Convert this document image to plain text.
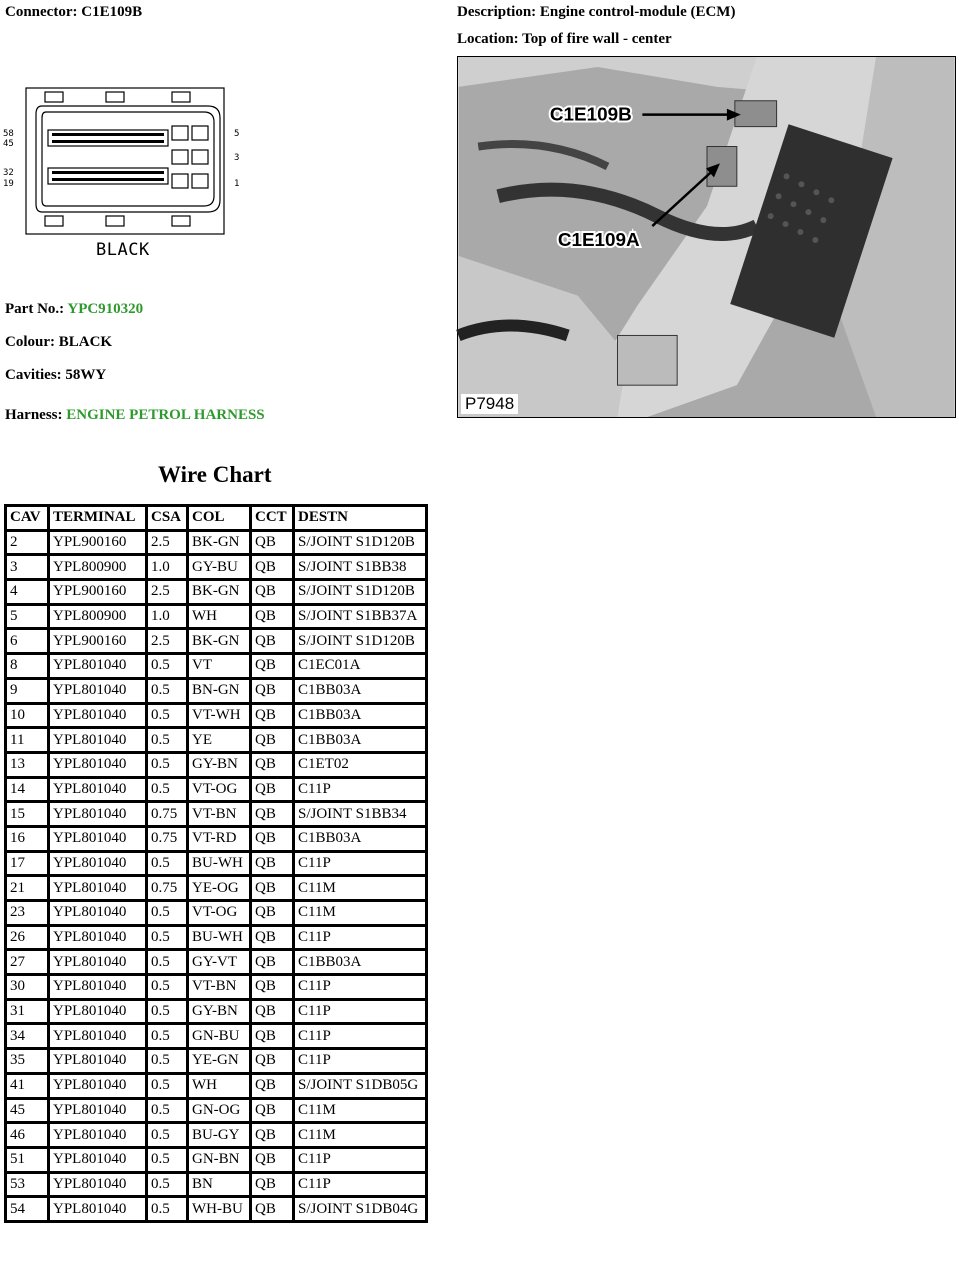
Connector: C1E109B	Description: Engine control-module (ECM)
Location: Top of fire wall - center
58
45
32
19
5
3
1
BLACK
C1E109B
C1E109A
P7948
Part No.: YPC910320
Colour: BLACK
Cavities: 58WY
Harness: ENGINE PETROL HARNESS
Wire Chart
CAV	TERMINAL	CSA	COL	CCT	DESTN
2	YPL900160	2.5	BK-GN	QB	S/JOINT S1D120B
3	YPL800900	1.0	GY-BU	QB	S/JOINT S1BB38
4	YPL900160	2.5	BK-GN	QB	S/JOINT S1D120B
5	YPL800900	1.0	WH	QB	S/JOINT S1BB37A
6	YPL900160	2.5	BK-GN	QB	S/JOINT S1D120B
8	YPL801040	0.5	VT	QB	C1EC01A
9	YPL801040	0.5	BN-GN	QB	C1BB03A
10	YPL801040	0.5	VT-WH	QB	C1BB03A
11	YPL801040	0.5	YE	QB	C1BB03A
13	YPL801040	0.5	GY-BN	QB	C1ET02
14	YPL801040	0.5	VT-OG	QB	C11P
15	YPL801040	0.75	VT-BN	QB	S/JOINT S1BB34
16	YPL801040	0.75	VT-RD	QB	C1BB03A
17	YPL801040	0.5	BU-WH	QB	C11P
21	YPL801040	0.75	YE-OG	QB	C11M
23	YPL801040	0.5	VT-OG	QB	C11M
26	YPL801040	0.5	BU-WH	QB	C11P
27	YPL801040	0.5	GY-VT	QB	C1BB03A
30	YPL801040	0.5	VT-BN	QB	C11P
31	YPL801040	0.5	GY-BN	QB	C11P
34	YPL801040	0.5	GN-BU	QB	C11P
35	YPL801040	0.5	YE-GN	QB	C11P
41	YPL801040	0.5	WH	QB	S/JOINT S1DB05G
45	YPL801040	0.5	GN-OG	QB	C11M
46	YPL801040	0.5	BU-GY	QB	C11M
51	YPL801040	0.5	GN-BN	QB	C11P
53	YPL801040	0.5	BN	QB	C11P
54	YPL801040	0.5	WH-BU	QB	S/JOINT S1DB04G
